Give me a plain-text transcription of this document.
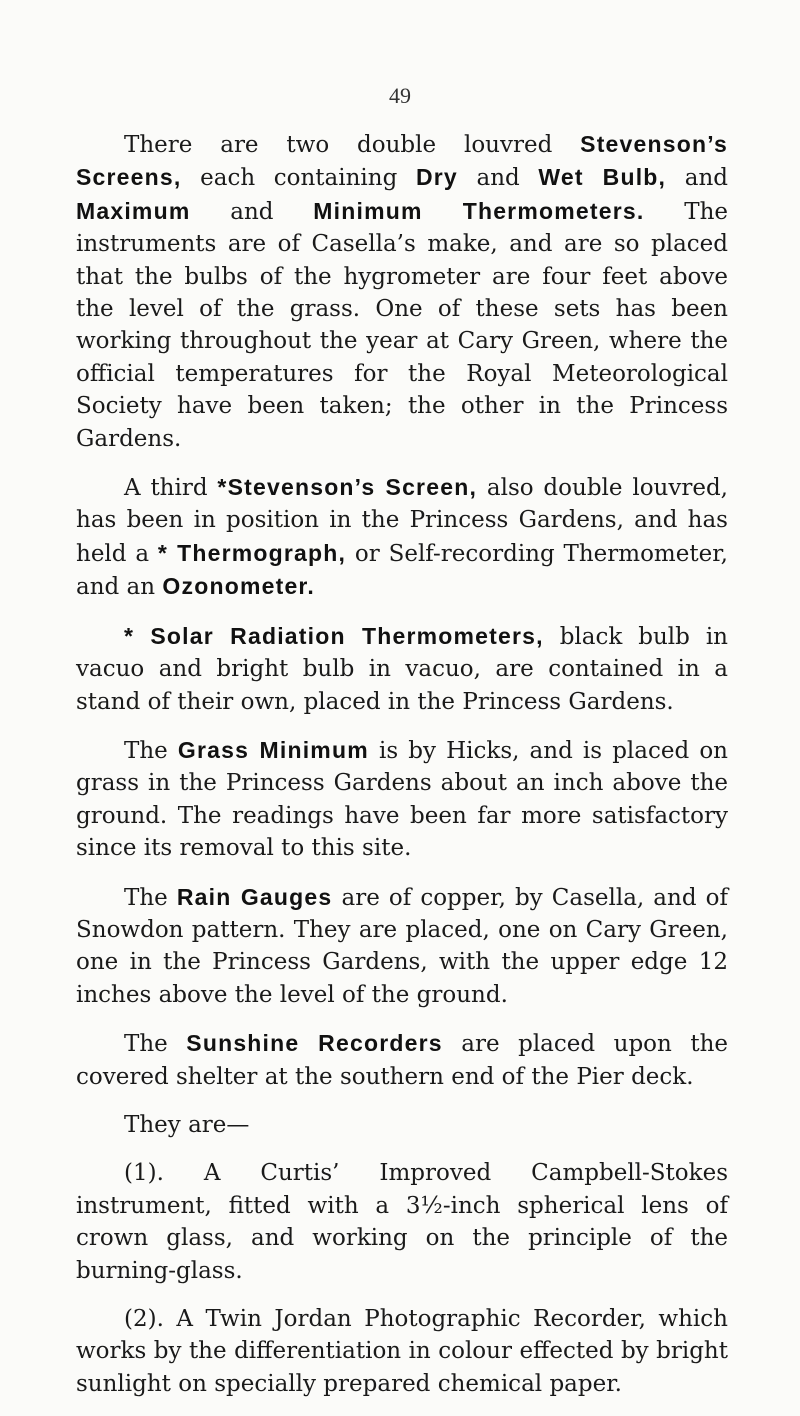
49

There are two double louvred Stevenson’s Screens, each containing Dry and Wet Bulb, and Maximum and Minimum Thermometers. The instruments are of Casella’s make, and are so placed that the bulbs of the hygrometer are four feet above the level of the grass. One of these sets has been working throughout the year at Cary Green, where the official temperatures for the Royal Meteorological Society have been taken; the other in the Princess Gardens.

A third *Stevenson’s Screen, also double louvred, has been in position in the Princess Gardens, and has held a * Thermograph, or Self-recording Thermometer, and an Ozonometer.

* Solar Radiation Thermometers, black bulb in vacuo and bright bulb in vacuo, are contained in a stand of their own, placed in the Princess Gardens.

The Grass Minimum is by Hicks, and is placed on grass in the Princess Gardens about an inch above the ground. The readings have been far more satisfactory since its removal to this site.

The Rain Gauges are of copper, by Casella, and of Snowdon pattern. They are placed, one on Cary Green, one in the Princess Gardens, with the upper edge 12 inches above the level of the ground.

The Sunshine Recorders are placed upon the covered shelter at the southern end of the Pier deck.

They are—

(1). A Curtis’ Improved Campbell-Stokes instrument, fitted with a 3½-inch spherical lens of crown glass, and working on the principle of the burning-glass.

(2). A Twin Jordan Photographic Recorder, which works by the differentiation in colour effected by bright sunlight on specially prepared chemical paper.
